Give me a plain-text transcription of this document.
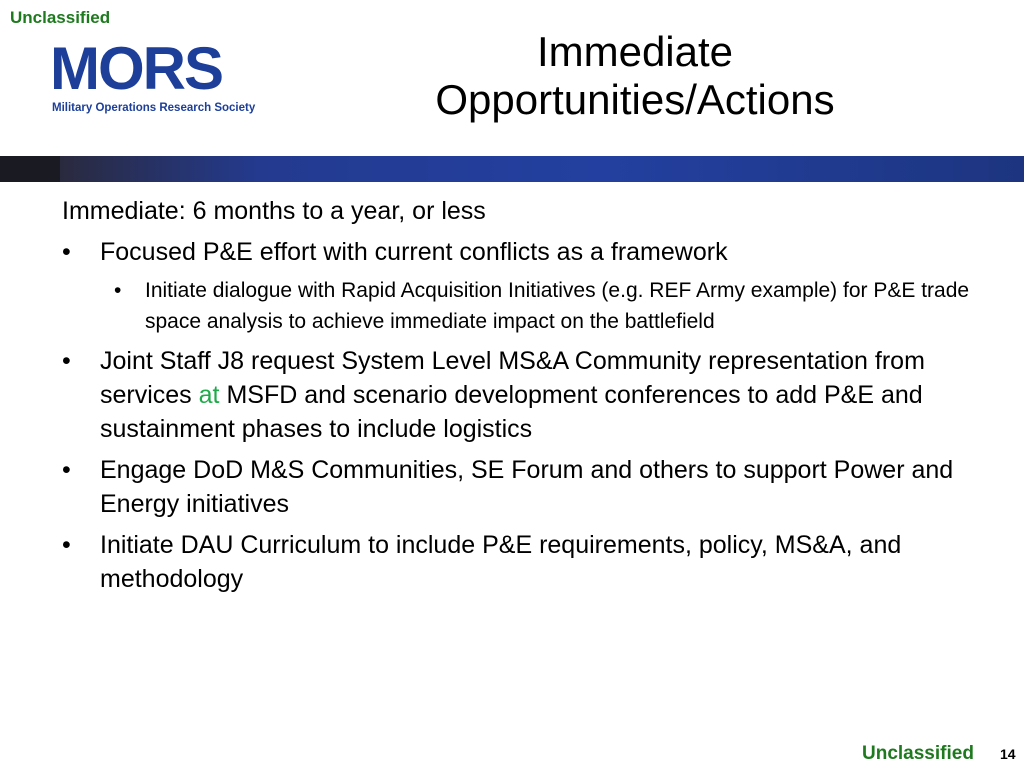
Unclassified
MORS
Military Operations Research Society
Immediate
Opportunities/Actions
Immediate: 6 months to a year, or less
• Focused P&E effort with current conflicts as a framework
• Initiate dialogue with Rapid Acquisition Initiatives (e.g. REF Army example) for P&E trade space analysis to achieve immediate impact on the battlefield
• Joint Staff J8 request System Level MS&A Community representation from services at MSFD and scenario development conferences to add P&E and sustainment phases to include logistics
• Engage DoD M&S Communities, SE Forum and others to support Power and Energy initiatives
• Initiate DAU Curriculum to include P&E requirements, policy, MS&A, and methodology
Unclassified 14
